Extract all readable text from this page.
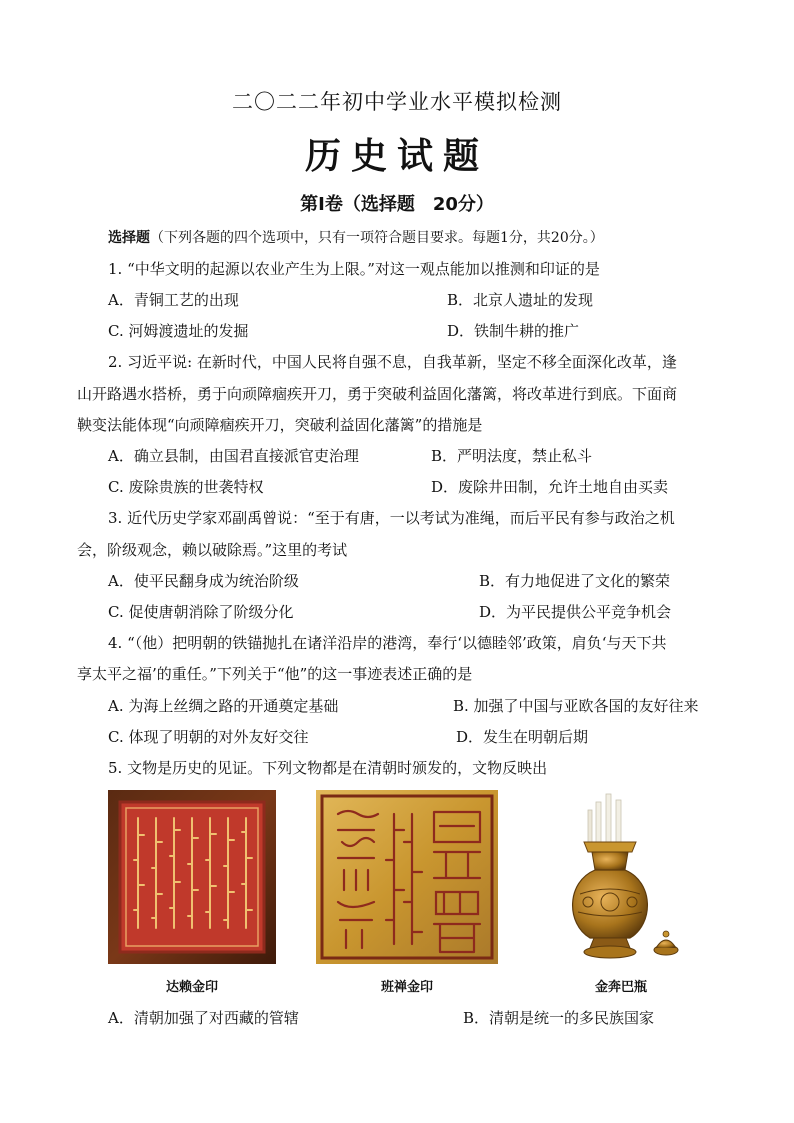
二〇二二年初中学业水平模拟检测
历史试题
第Ⅰ卷（选择题　20分）
选择题（下列各题的四个选项中，只有一项符合题目要求。每题1分，共20分。）
1. “中华文明的起源以农业产生为上限。”对这一观点能加以推测和印证的是
A．青铜工艺的出现	B．北京人遗址的发现
C. 河姆渡遗址的发掘	D．铁制牛耕的推广
2. 习近平说: 在新时代，中国人民将自强不息，自我革新，坚定不移全面深化改革，逢
山开路遇水搭桥，勇于向顽障痼疾开刀，勇于突破利益固化藩篱，将改革进行到底。下面商
鞅变法能体现“向顽障痼疾开刀，突破利益固化藩篱”的措施是
A．确立县制，由国君直接派官吏治理	B．严明法度，禁止私斗
C. 废除贵族的世袭特权	D．废除井田制，允许土地自由买卖
3. 近代历史学家邓副禹曾说：“至于有唐，一以考试为准绳，而后平民有参与政治之机
会，阶级观念，赖以破除焉。”这里的考试
A．使平民翻身成为统治阶级	B．有力地促进了文化的繁荣
C. 促使唐朝消除了阶级分化	D．为平民提供公平竞争机会
4. “（他）把明朝的铁锚抛扎在诸洋沿岸的港湾，奉行‘以德睦邻’政策，肩负‘与天下共
享太平之福’的重任。”下列关于“他”的这一事迹表述正确的是
A. 为海上丝绸之路的开通奠定基础	B. 加强了中国与亚欧各国的友好往来
C. 体现了明朝的对外友好交往	D．发生在明朝后期
5. 文物是历史的见证。下列文物都是在清朝时颁发的，文物反映出
达赖金印	班禅金印	金奔巴瓶
A．清朝加强了对西藏的管辖	B．清朝是统一的多民族国家
